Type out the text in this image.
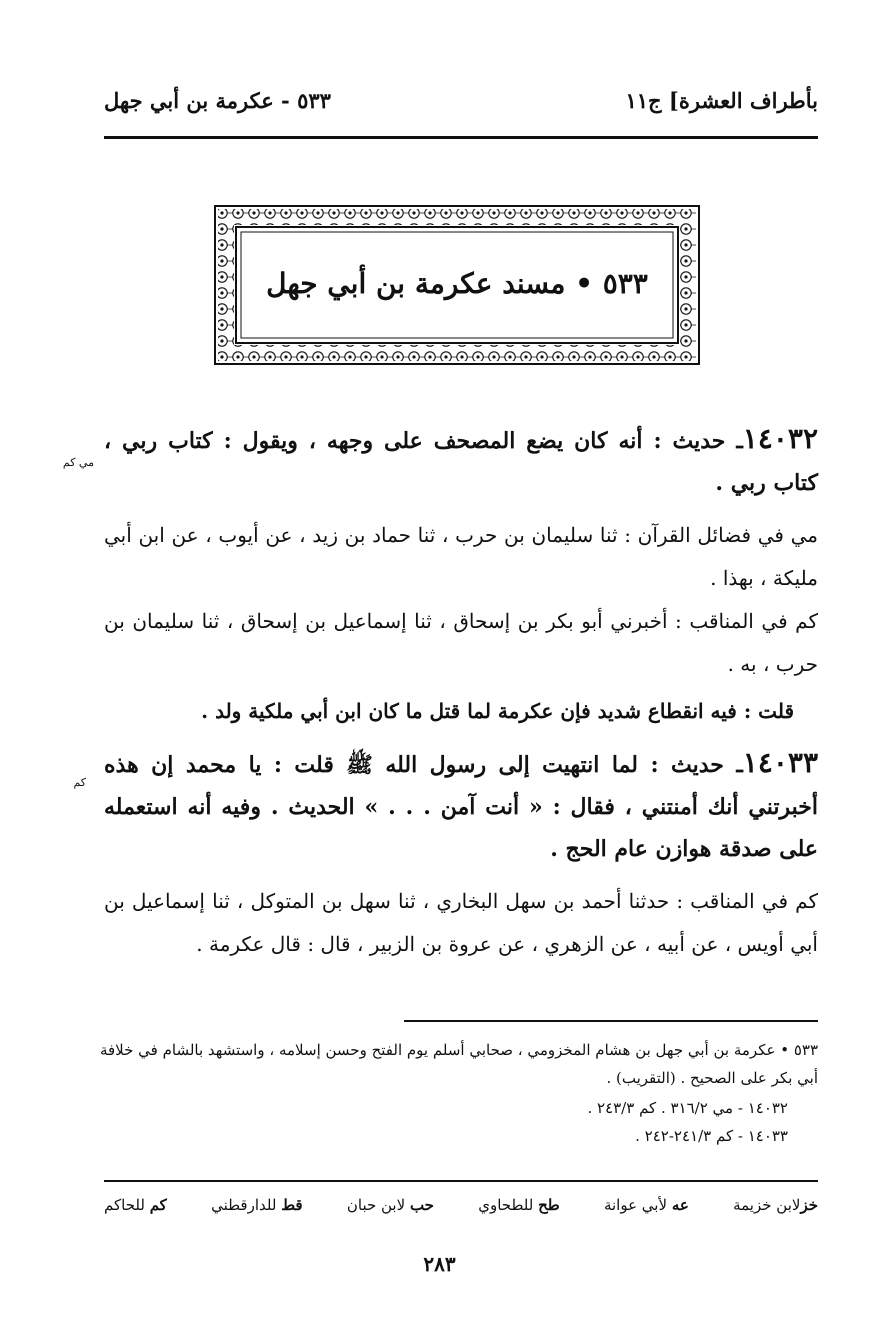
بأطراف العشرة] ج١١
٥٣٣ - عكرمة بن أبي جهل
٥٣٣ • مسند عكرمة بن أبي جهل
مي كم
١٤٠٣٢ـ حديث : أنه كان يضع المصحف على وجهه ، ويقول : كتاب ربي ، كتاب ربي .
مي في فضائل القرآن : ثنا سليمان بن حرب ، ثنا حماد بن زيد ، عن أيوب ، عن ابن أبي مليكة ، بهذا .
كم في المناقب : أخبرني أبو بكر بن إسحاق ، ثنا إسماعيل بن إسحاق ، ثنا سليمان بن حرب ، به .
قلت : فيه انقطاع شديد فإن عكرمة لما قتل ما كان ابن أبي ملكية ولد .
كم
١٤٠٣٣ـ حديث : لما انتهيت إلى رسول الله ﷺ قلت : يا محمد إن هذه أخبرتني أنك أمنتني ، فقال : « أنت آمن . . . » الحديث . وفيه أنه استعمله على صدقة هوازن عام الحج .
كم في المناقب : حدثنا أحمد بن سهل البخاري ، ثنا سهل بن المتوكل ، ثنا إسماعيل بن أبي أويس ، عن أبيه ، عن الزهري ، عن عروة بن الزبير ، قال : قال عكرمة .
٥٣٣ • عكرمة بن أبي جهل بن هشام المخزومي ، صحابي أسلم يوم الفتح وحسن إسلامه ، واستشهد بالشام في خلافة أبي بكر على الصحيح . (التقريب) .
١٤٠٣٢ - مي ٣١٦/٢ . كم ٢٤٣/٣ .
١٤٠٣٣ - كم ٢٤١/٣-٢٤٢ .
خزلابن خزيمة
عه لأبي عوانة
طح للطحاوي
حب لابن حبان
قط للدارقطني
كم للحاكم
٢٨٣
